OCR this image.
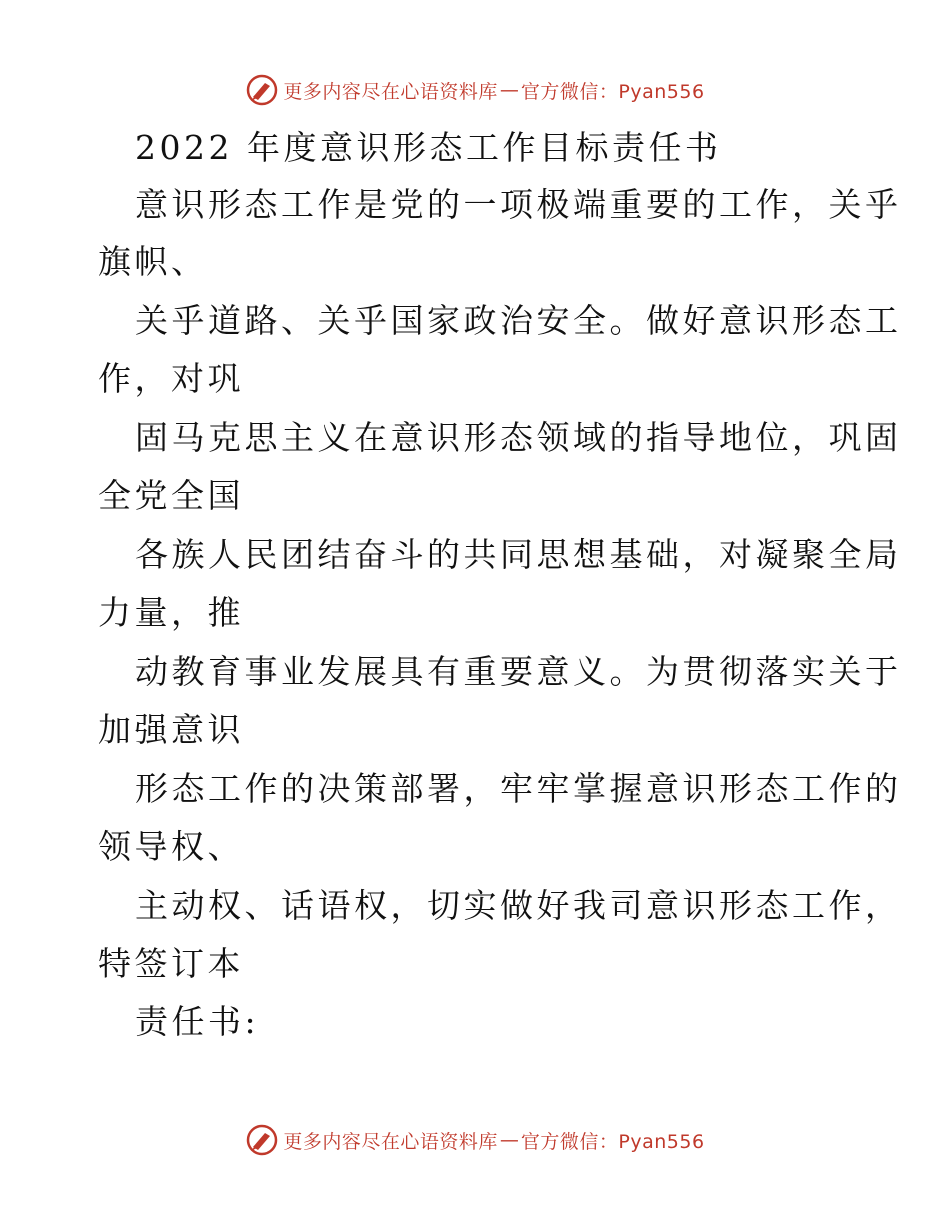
更多内容尽在心语资料库 — 官方微信：Pyan556
2022 年度意识形态工作目标责任书
意识形态工作是党的一项极端重要的工作，关乎
旗帜、
关乎道路、关乎国家政治安全。做好意识形态工
作，对巩
固马克思主义在意识形态领域的指导地位，巩固
全党全国
各族人民团结奋斗的共同思想基础，对凝聚全局
力量，推
动教育事业发展具有重要意义。为贯彻落实关于
加强意识
形态工作的决策部署，牢牢掌握意识形态工作的
领导权、
主动权、话语权，切实做好我司意识形态工作，
特签订本
责任书:
更多内容尽在心语资料库 — 官方微信：Pyan556
